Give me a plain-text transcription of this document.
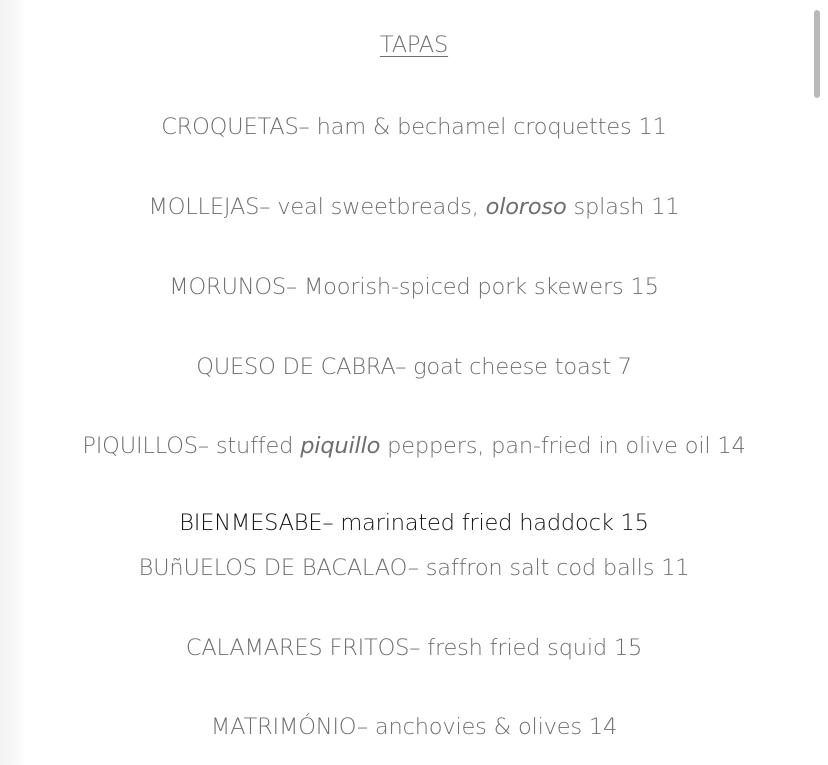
TAPAS
CROQUETAS– ham & bechamel croquettes 11
MOLLEJAS– veal sweetbreads, oloroso splash 11
MORUNOS– Moorish-spiced pork skewers 15
QUESO DE CABRA– goat cheese toast 7
PIQUILLOS– stuffed piquillo peppers, pan-fried in olive oil 14
BIENMESABE– marinated fried haddock 15
BUñUELOS DE BACALAO– saffron salt cod balls 11
CALAMARES FRITOS– fresh fried squid 15
MATRIMÓNIO– anchovies & olives 14
